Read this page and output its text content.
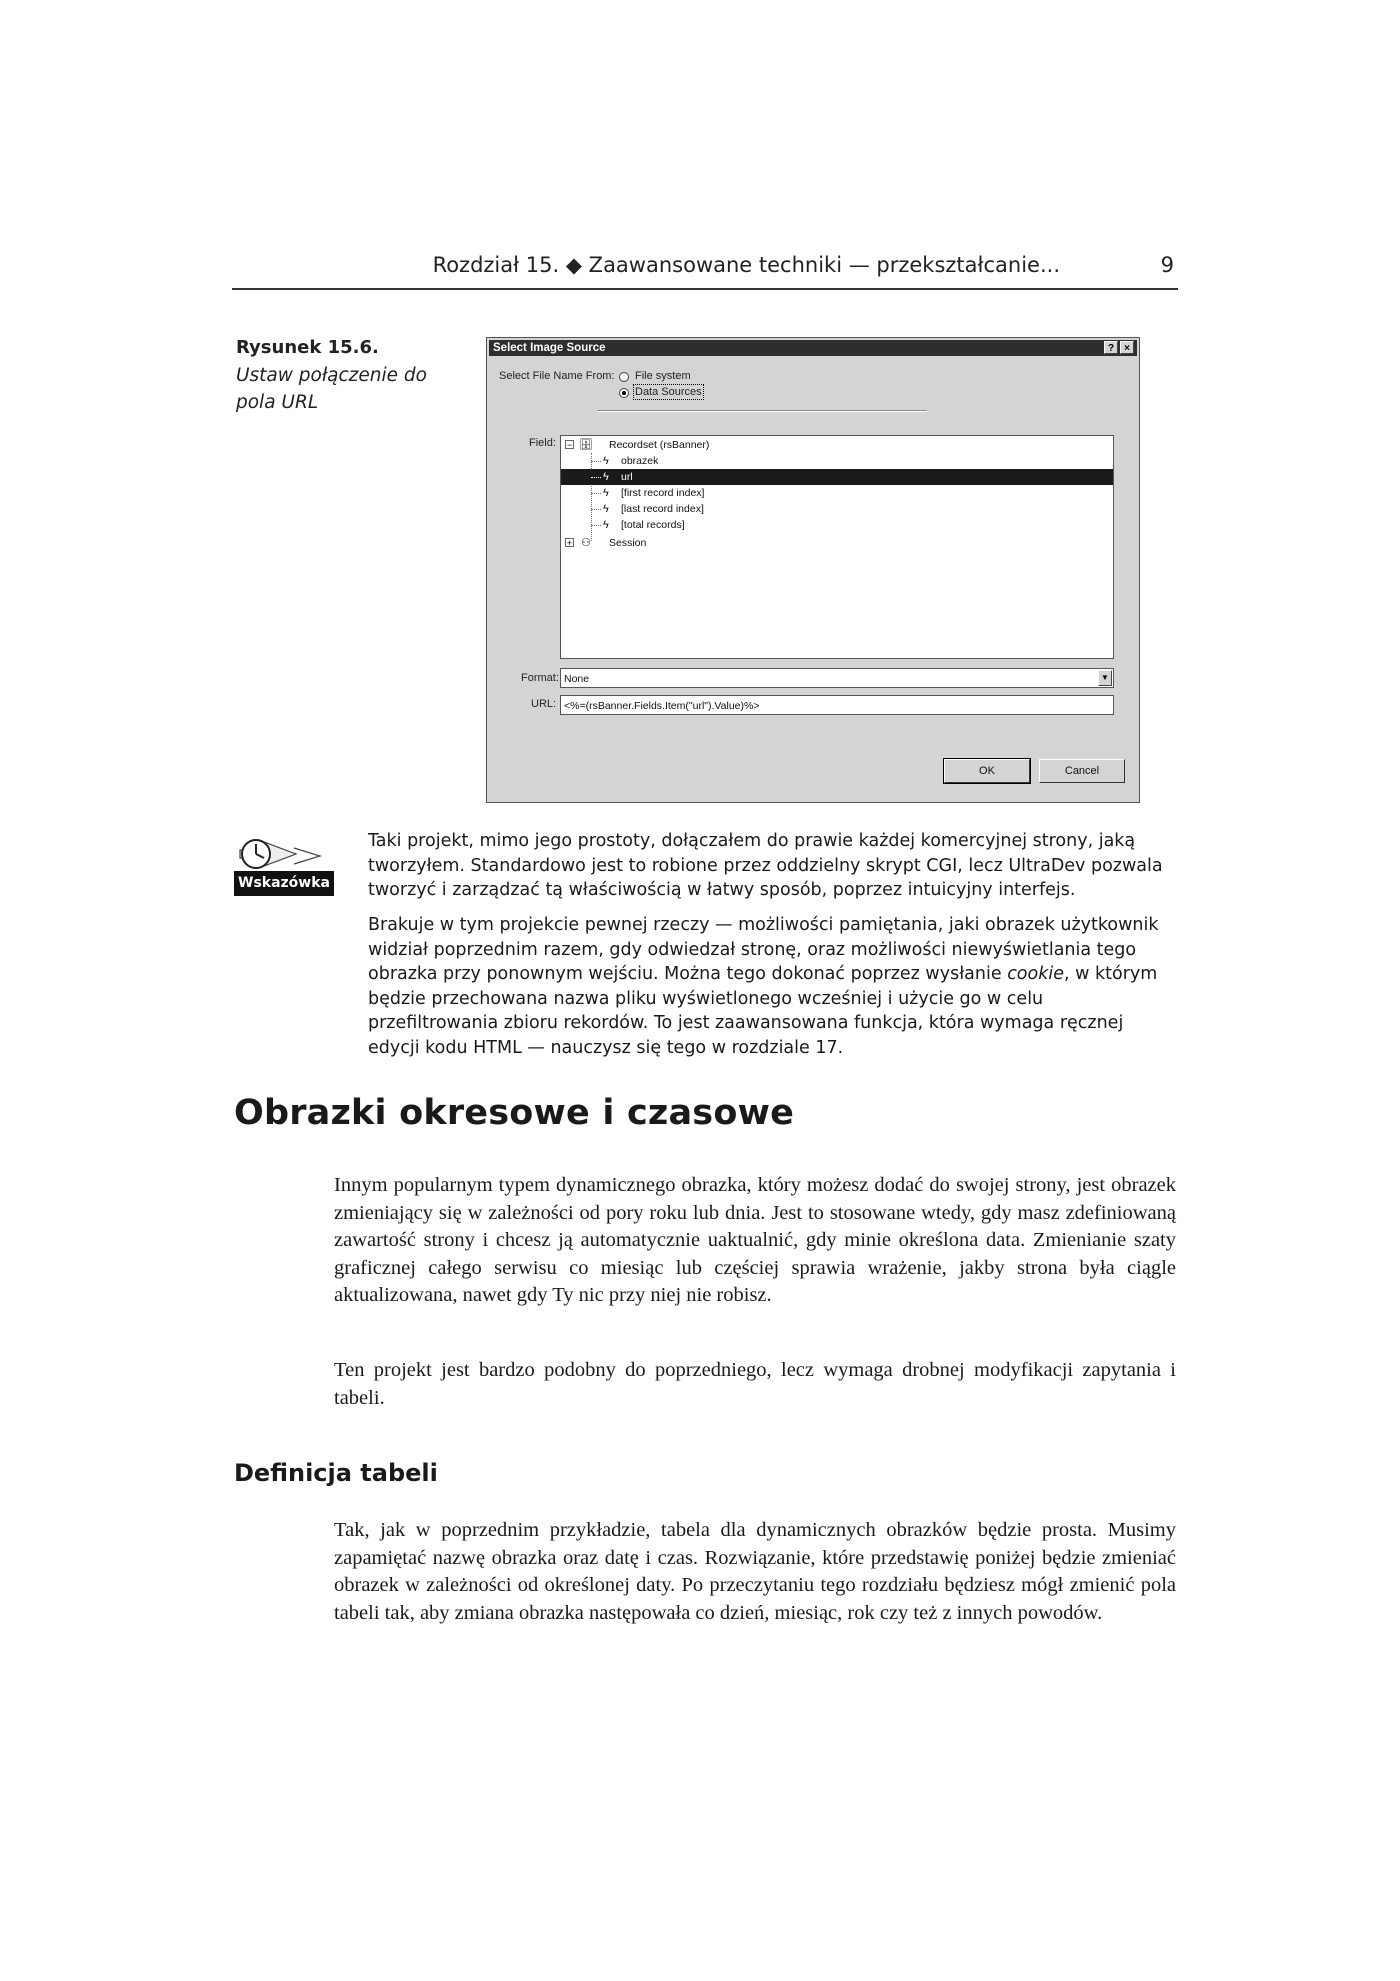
Rozdział 15. ◆ Zaawansowane techniki — przekształcanie...	9
Rysunek 15.6.
Ustaw połączenie do pola URL
Select Image Source	?	×
Select File Name From: File system
Data Sources
Field: − 🗄 Recordset (rsBanner)
ϟ obrazek
ϟ url
ϟ [first record index]
ϟ [last record index]
ϟ [total records]
+ ⚇ Session
Format: None	▼
URL: <%=(rsBanner.Fields.Item("url").Value)%>
OK	Cancel
Wskazówka

Taki projekt, mimo jego prostoty, dołączałem do prawie każdej komercyjnej strony, jaką tworzyłem. Standardowo jest to robione przez oddzielny skrypt CGI, lecz UltraDev pozwala tworzyć i zarządzać tą właściwością w łatwy sposób, poprzez intuicyjny interfejs.

Brakuje w tym projekcie pewnej rzeczy — możliwości pamiętania, jaki obrazek użytkownik widział poprzednim razem, gdy odwiedzał stronę, oraz możliwości niewyświetlania tego obrazka przy ponownym wejściu. Można tego dokonać poprzez wysłanie cookie, w którym będzie przechowana nazwa pliku wyświetlonego wcześniej i użycie go w celu przefiltrowania zbioru rekordów. To jest zaawansowana funkcja, która wymaga ręcznej edycji kodu HTML — nauczysz się tego w rozdziale 17.

Obrazki okresowe i czasowe

Innym popularnym typem dynamicznego obrazka, który możesz dodać do swojej strony, jest obrazek zmieniający się w zależności od pory roku lub dnia. Jest to stosowane wtedy, gdy masz zdefiniowaną zawartość strony i chcesz ją automatycznie uaktualnić, gdy minie określona data. Zmienianie szaty graficznej całego serwisu co miesiąc lub częściej sprawia wrażenie, jakby strona była ciągle aktualizowana, nawet gdy Ty nic przy niej nie robisz.

Ten projekt jest bardzo podobny do poprzedniego, lecz wymaga drobnej modyfikacji zapytania i tabeli.

Definicja tabeli

Tak, jak w poprzednim przykładzie, tabela dla dynamicznych obrazków będzie prosta. Musimy zapamiętać nazwę obrazka oraz datę i czas. Rozwiązanie, które przedstawię poniżej będzie zmieniać obrazek w zależności od określonej daty. Po przeczytaniu tego rozdziału będziesz mógł zmienić pola tabeli tak, aby zmiana obrazka następowała co dzień, miesiąc, rok czy też z innych powodów.
